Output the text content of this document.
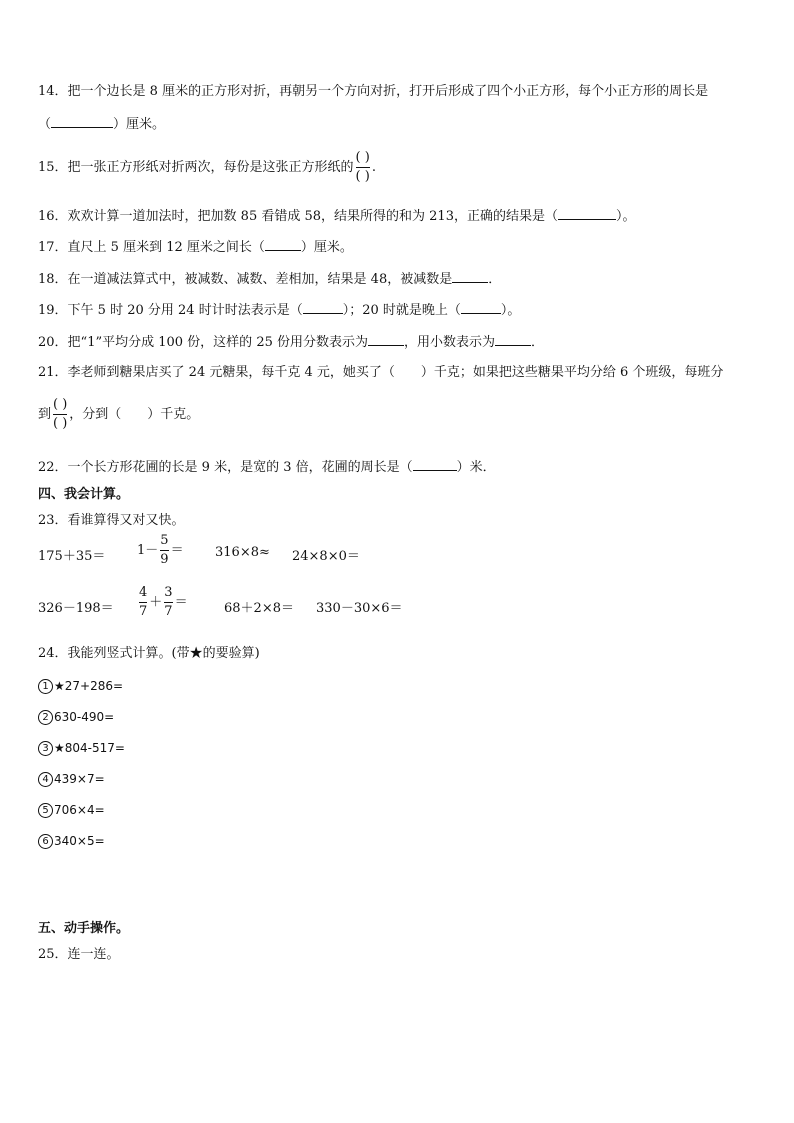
14．把一个边长是 8 厘米的正方形对折，再朝另一个方向对折，打开后形成了四个小正方形，每个小正方形的周长是
（	）厘米。
15．把一张正方形纸对折两次，每份是这张正方形纸的 $\frac{( )}{( )}$ .
16．欢欢计算一道加法时，把加数 85 看错成 58，结果所得的和为 213，正确的结果是（	）。
17．直尺上 5 厘米到 12 厘米之间长（	）厘米。
18．在一道减法算式中，被减数、减数、差相加，结果是 48，被减数是	．
19．下午 5 时 20 分用 24 时计时法表示是（	）；20 时就是晚上（	）。
20．把“1”平均分成 100 份，这样的 25 份用分数表示为	，用小数表示为	．
21．李老师到糖果店买了 24 元糖果，每千克 4 元，她买了（　　）千克；如果把这些糖果平均分给 6 个班级，每班分
到 $\frac{( )}{( )}$ ，分到（　　）千克。
22．一个长方形花圃的长是 9 米，是宽的 3 倍，花圃的周长是（	）米．
四、我会计算。
23．看谁算得又对又快。
$175+35= 1- \frac{5}{9} = 316\times 8\approx 24\times 8\times 0=$
$326-198= \frac{4}{7} + \frac{3}{7}$ ＝	68＋2×8＝ 330－30×6＝
24．我能列竖式计算。(带★的要验算)
1 ★27+286=
2 630-490=
3 ★804-517=
4 439×7=
5 706×4=
6 340×5=
五、动手操作。
25．连一连。
